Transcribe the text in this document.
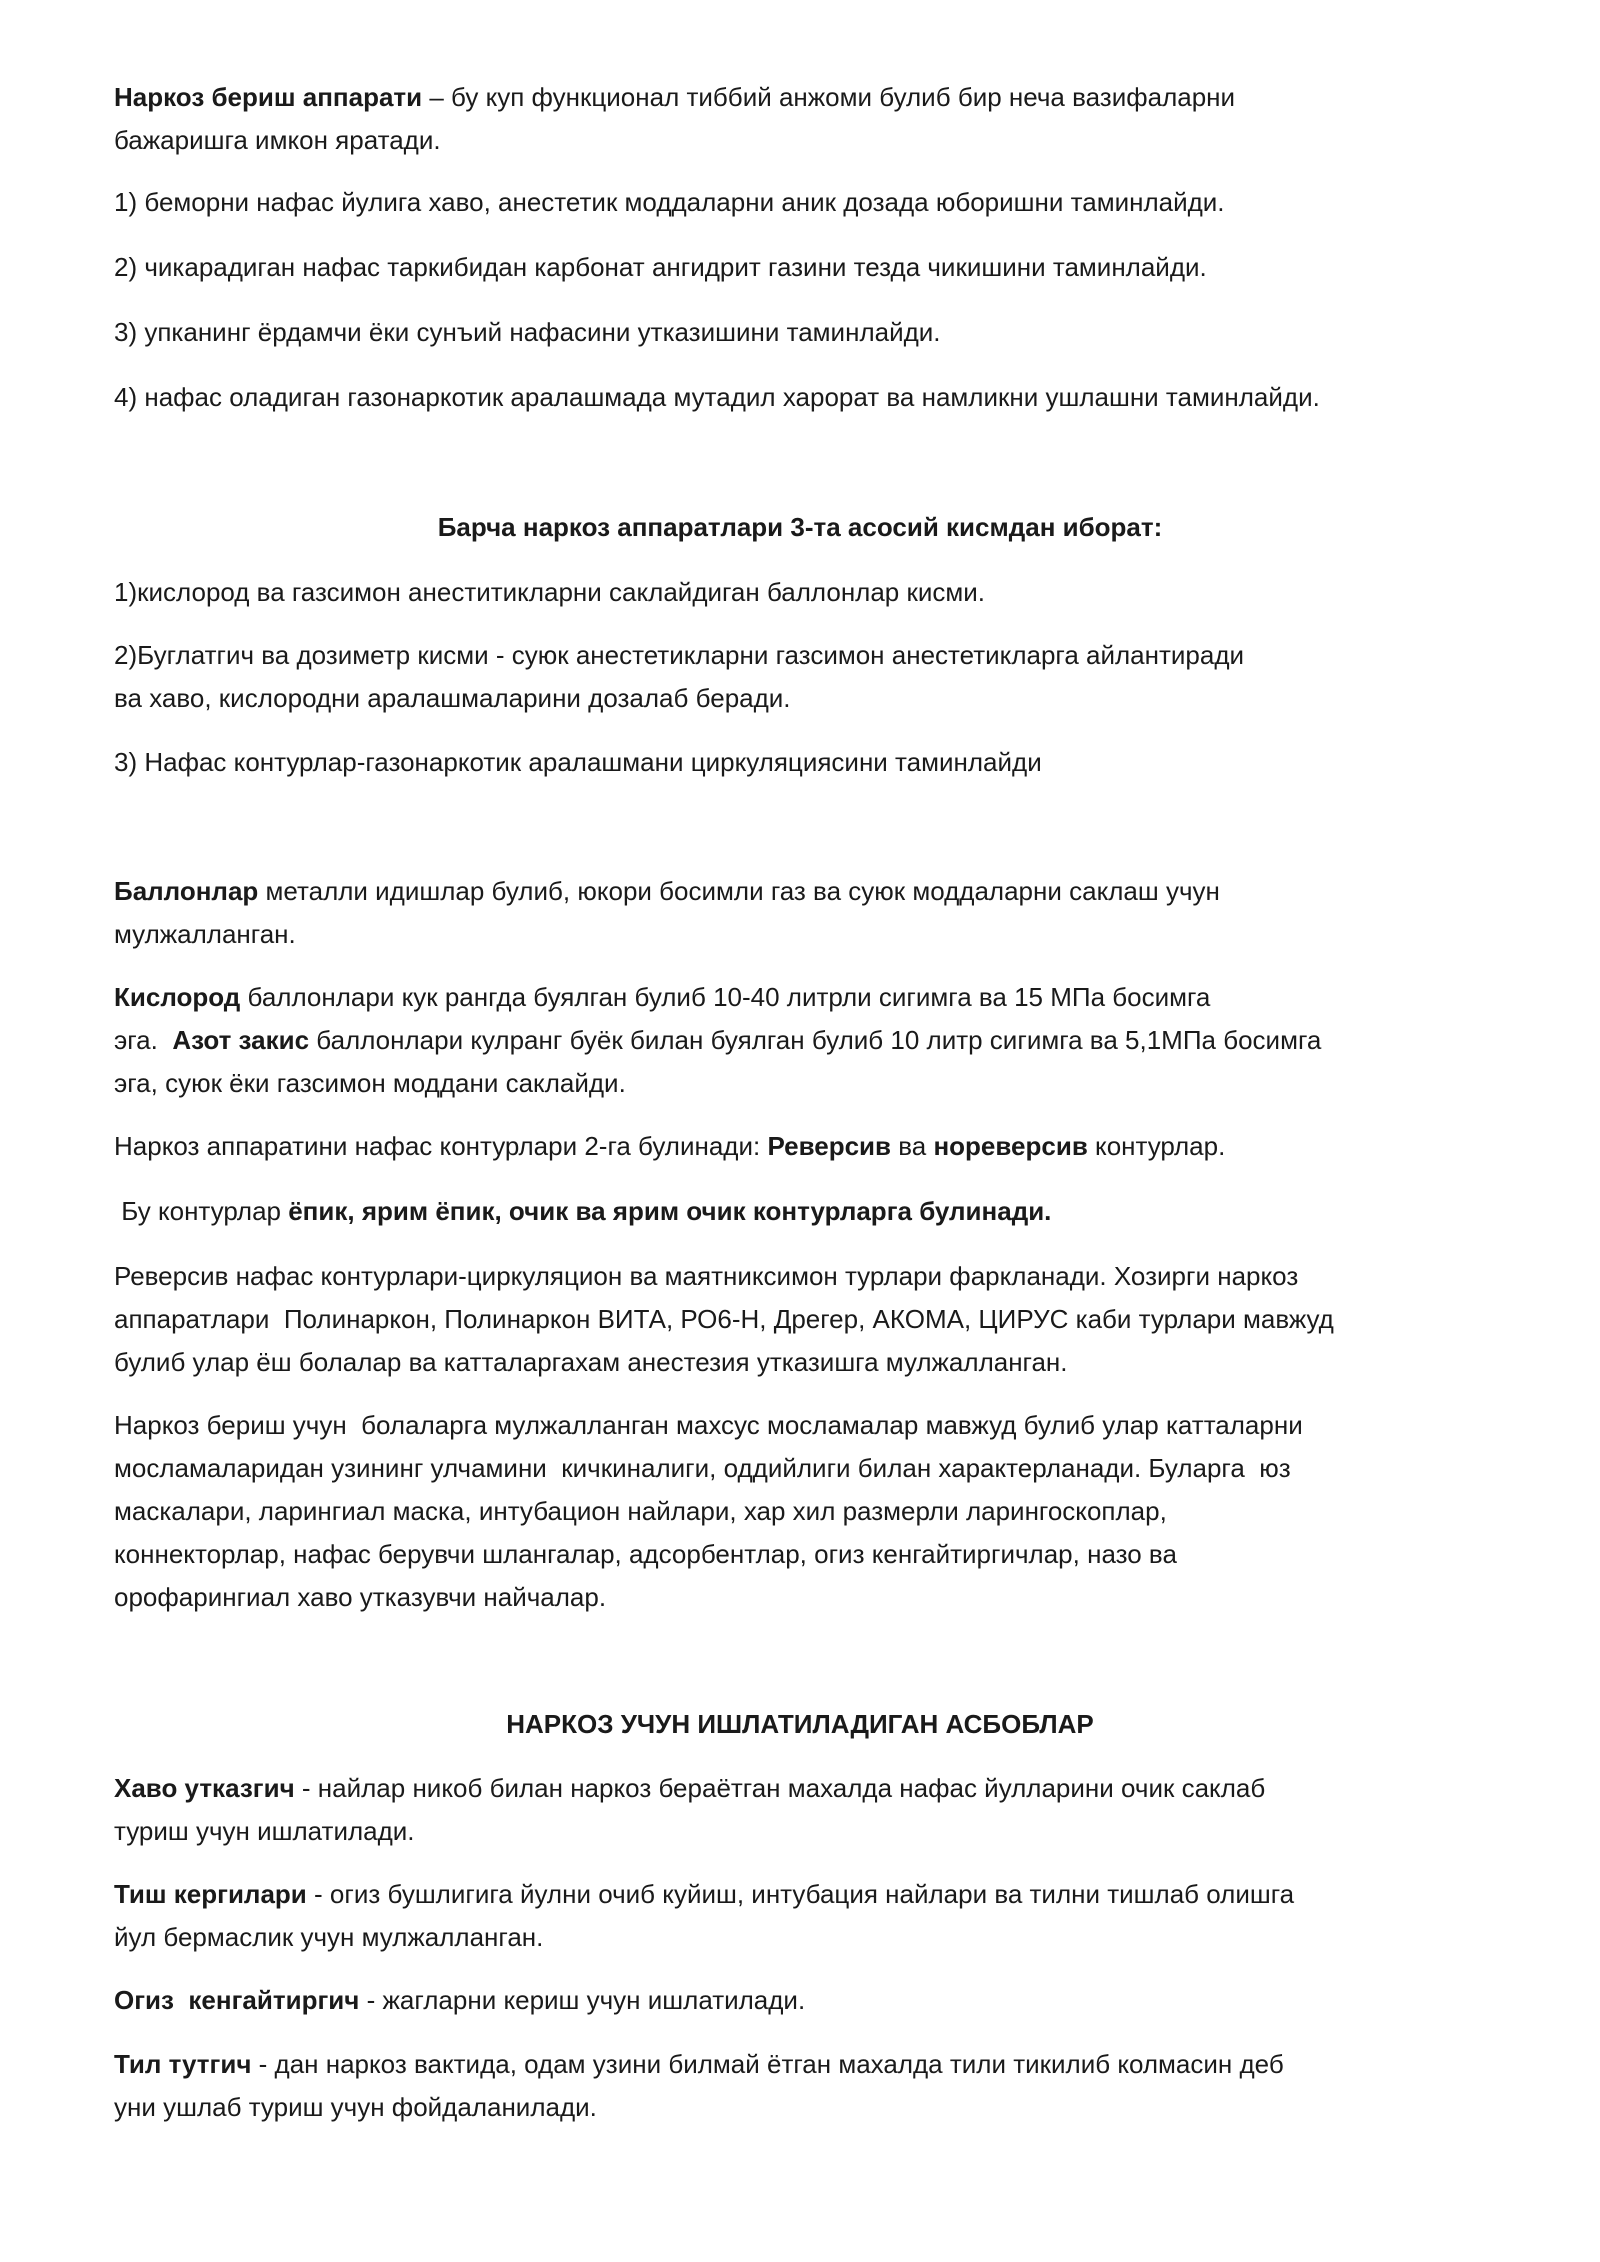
Наркоз бериш аппарати – бу куп функционал тиббий анжоми булиб бир неча вазифаларни
бажаришга имкон яратади.

1) беморни нафас йулига хаво, анестетик моддаларни аник дозада юборишни таминлайди.

2) чикарадиган нафас таркибидан карбонат ангидрит газини тезда чикишини таминлайди.

3) упканинг ёрдамчи ёки сунъий нафасини утказишини таминлайди.

4) нафас оладиган газонаркотик аралашмада мутадил харорат ва намликни ушлашни таминлайди.

Барча наркоз аппаратлари 3-та асосий кисмдан иборат:

1)кислород ва газсимон анеститикларни саклайдиган баллонлар кисми.

2)Буглатгич ва дозиметр кисми - суюк анестетикларни газсимон анестетикларга айлантиради
ва хаво, кислородни аралашмаларини дозалаб беради.

3) Нафас контурлар-газонаркотик аралашмани циркуляциясини таминлайди

Баллонлар металли идишлар булиб, юкори босимли газ ва суюк моддаларни саклаш учун
мулжалланган.

Кислород баллонлари кук рангда буялган булиб 10-40 литрли сигимга ва 15 МПа босимга
эга.  Азот закис баллонлари кулранг буёк билан буялган булиб 10 литр сигимга ва 5,1МПа босимга
эга, суюк ёки газсимон моддани саклайди.

Наркоз аппаратини нафас контурлари 2-га булинади: Реверсив ва нореверсив контурлар.

Бу контурлар ёпик, ярим ёпик, очик ва ярим очик контурларга булинади.

Реверсив нафас контурлари-циркуляцион ва маятниксимон турлари фаркланади. Хозирги наркоз
аппаратлари  Полинаркон, Полинаркон ВИТА, РО6-Н, Дрегер, АКОМА, ЦИРУС каби турлари мавжуд
булиб улар ёш болалар ва катталаргахам анестезия утказишга мулжалланган.

Наркоз бериш учун  болаларга мулжалланган махсус мосламалар мавжуд булиб улар катталарни
мосламаларидан узининг улчамини  кичкиналиги, оддийлиги билан характерланади. Буларга  юз
маскалари, ларингиал маска, интубацион найлари, хар хил размерли ларингоскоплар,
коннекторлар, нафас берувчи шлангалар, адсорбентлар, огиз кенгайтиргичлар, назо ва
орофарингиал хаво утказувчи найчалар.

НАРКОЗ УЧУН ИШЛАТИЛАДИГАН АСБОБЛАР

Хаво утказгич - найлар никоб билан наркоз бераётган махалда нафас йулларини очик саклаб
туриш учун ишлатилади.

Тиш кергилари - огиз бушлигига йулни очиб куйиш, интубация найлари ва тилни тишлаб олишга
йул бермаслик учун мулжалланган.

Огиз  кенгайтиргич - жагларни кериш учун ишлатилади.

Тил тутгич - дан наркоз вактида, одам узини билмай ётган махалда тили тикилиб колмасин деб
уни ушлаб туриш учун фойдаланилади.
